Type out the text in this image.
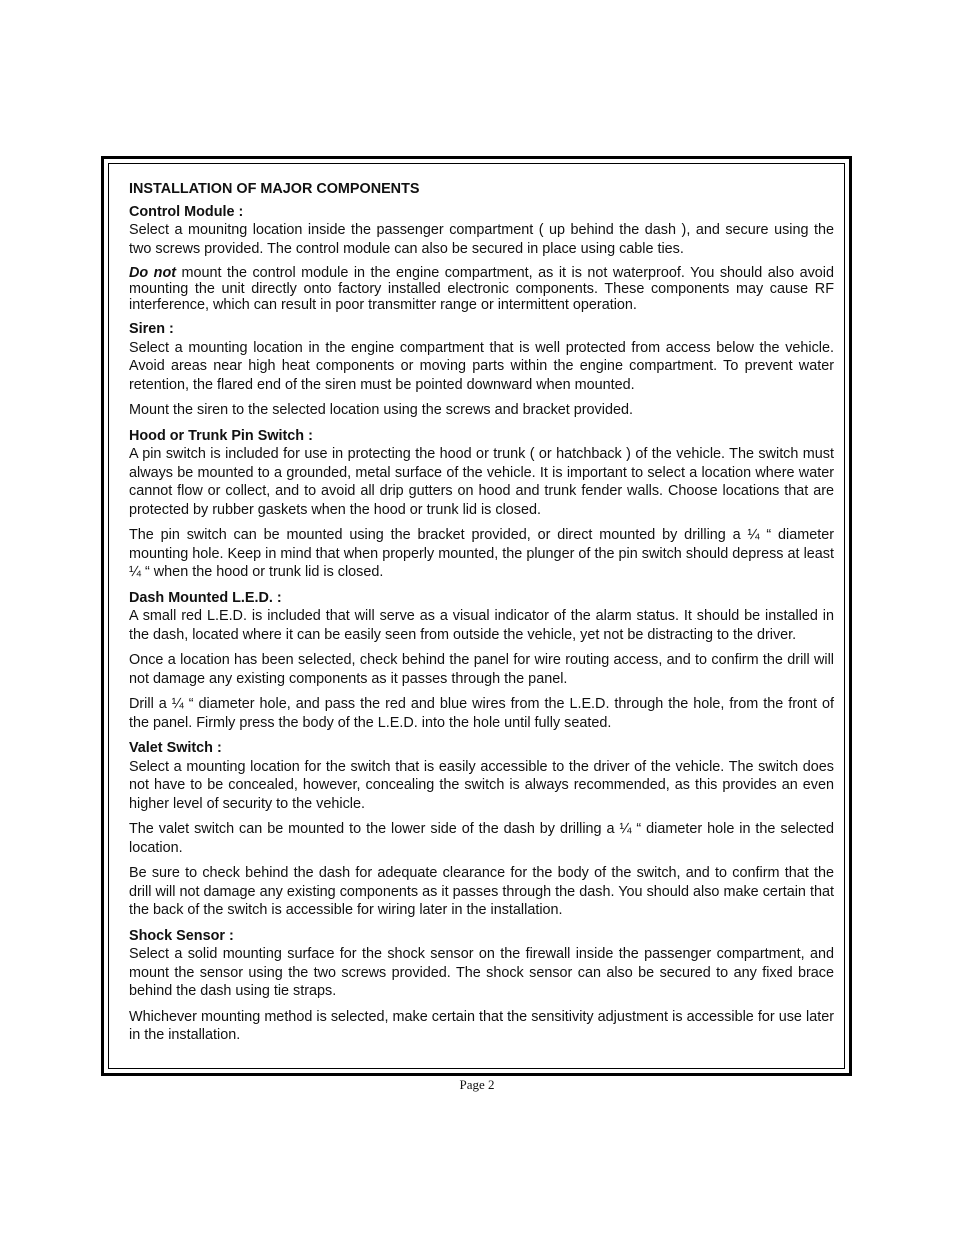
INSTALLATION OF MAJOR COMPONENTS
Control Module :

Select a mounitng location inside the passenger compartment ( up behind the dash ), and secure using the two screws provided. The control module can also be secured in place using cable ties.

Do not mount the control module in the engine compartment, as it is not waterproof. You should also avoid mounting the unit directly onto factory installed electronic components. These components may cause RF interference, which can result in poor transmitter range or intermittent operation.

Siren :

Select a mounting location in the engine compartment that is well protected from access below the vehicle. Avoid areas near high heat components or moving parts within the engine compartment. To prevent water retention, the flared end of the siren must be pointed downward when mounted.

Mount the siren to the selected location using the screws and bracket provided.

Hood or Trunk Pin Switch :

A pin switch is included for use in protecting the hood or trunk ( or hatchback ) of the vehicle. The switch must always be mounted to a grounded, metal surface of the vehicle. It is important to select a location where water cannot flow or collect, and to avoid all drip gutters on hood and trunk fender walls. Choose locations that are protected by rubber gaskets when the hood or trunk lid is closed.

The pin switch can be mounted using the bracket provided, or direct mounted by drilling a ¼ “ diameter mounting hole. Keep in mind that when properly mounted, the plunger of the pin switch should depress at least ¼ “ when the hood or trunk lid is closed.

Dash Mounted L.E.D. :

A small red L.E.D. is included that will serve as a visual indicator of the alarm status. It should be installed in the dash, located where it can be easily seen from outside the vehicle, yet not be distracting to the driver.

Once a location has been selected, check behind the panel for wire routing access, and to confirm the drill will not damage any existing components as it passes through the panel.

Drill a ¼ “ diameter hole, and pass the red and blue wires from the L.E.D. through the hole, from the front of the panel. Firmly press the body of the L.E.D. into the hole until fully seated.

Valet Switch :

Select a mounting location for the switch that is easily accessible to the driver of the vehicle. The switch does not have to be concealed, however, concealing the switch is always recommended, as this provides an even higher level of security to the vehicle.

The valet switch can be mounted to the lower side of the dash by drilling a ¼ “ diameter hole in the selected location.

Be sure to check behind the dash for adequate clearance for the body of the switch, and to confirm that the drill will not damage any existing components as it passes through the dash. You should also make certain that the back of the switch is accessible for wiring later in the installation.

Shock Sensor :

Select a solid mounting surface for the shock sensor on the firewall inside the passenger compartment, and mount the sensor using the two screws provided. The shock sensor can also be secured to any fixed brace behind the dash using tie straps.

Whichever mounting method is selected, make certain that the sensitivity adjustment is accessible for use later in the installation.

Page 2
